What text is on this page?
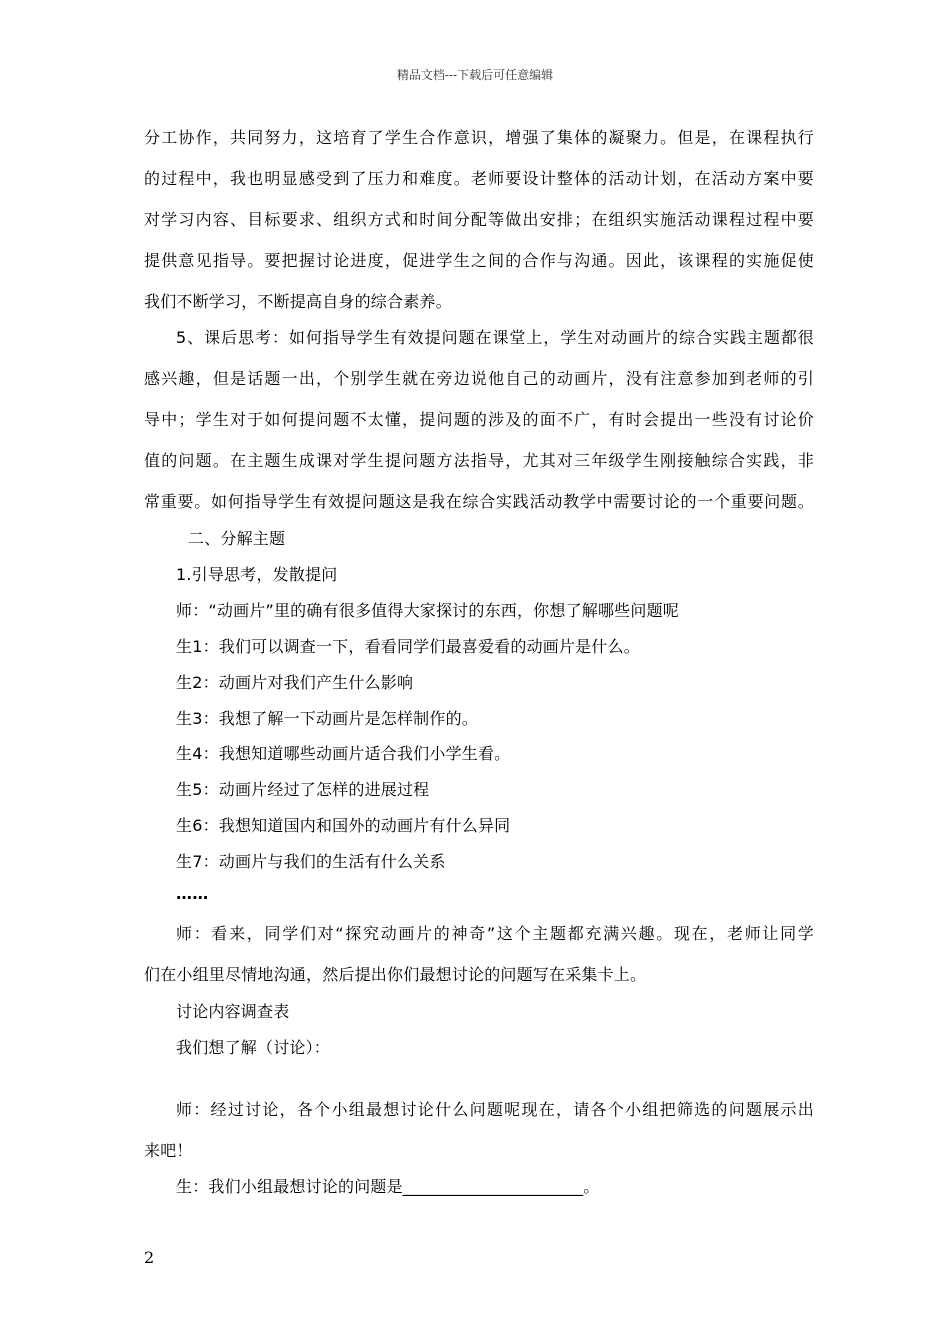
精品文档---下载后可任意编辑
分工协作，共同努力，这培育了学生合作意识，增强了集体的凝聚力。但是，在课程执行
的过程中，我也明显感受到了压力和难度。老师要设计整体的活动计划，在活动方案中要
对学习内容、目标要求、组织方式和时间分配等做出安排；在组织实施活动课程过程中要
提供意见指导。要把握讨论进度，促进学生之间的合作与沟通。因此，该课程的实施促使
我们不断学习，不断提高自身的综合素养。
5、课后思考：如何指导学生有效提问题在课堂上，学生对动画片的综合实践主题都很
感兴趣，但是话题一出，个别学生就在旁边说他自己的动画片，没有注意参加到老师的引
导中；学生对于如何提问题不太懂，提问题的涉及的面不广，有时会提出一些没有讨论价
值的问题。在主题生成课对学生提问题方法指导，尤其对三年级学生刚接触综合实践，非
常重要。如何指导学生有效提问题这是我在综合实践活动教学中需要讨论的一个重要问题。
二、分解主题
1.引导思考，发散提问
师：“动画片”里的确有很多值得大家探讨的东西，你想了解哪些问题呢
生1：我们可以调查一下，看看同学们最喜爱看的动画片是什么。
生2：动画片对我们产生什么影响
生3：我想了解一下动画片是怎样制作的。
生4：我想知道哪些动画片适合我们小学生看。
生5：动画片经过了怎样的进展过程
生6：我想知道国内和国外的动画片有什么异同
生7：动画片与我们的生活有什么关系
……
师：看来，同学们对“探究动画片的神奇”这个主题都充满兴趣。现在，老师让同学
们在小组里尽情地沟通，然后提出你们最想讨论的问题写在采集卡上。
讨论内容调查表
我们想了解（讨论）：
师：经过讨论，各个小组最想讨论什么问题呢现在，请各个小组把筛选的问题展示出
来吧！
生：我们小组最想讨论的问题是______________________。
2
